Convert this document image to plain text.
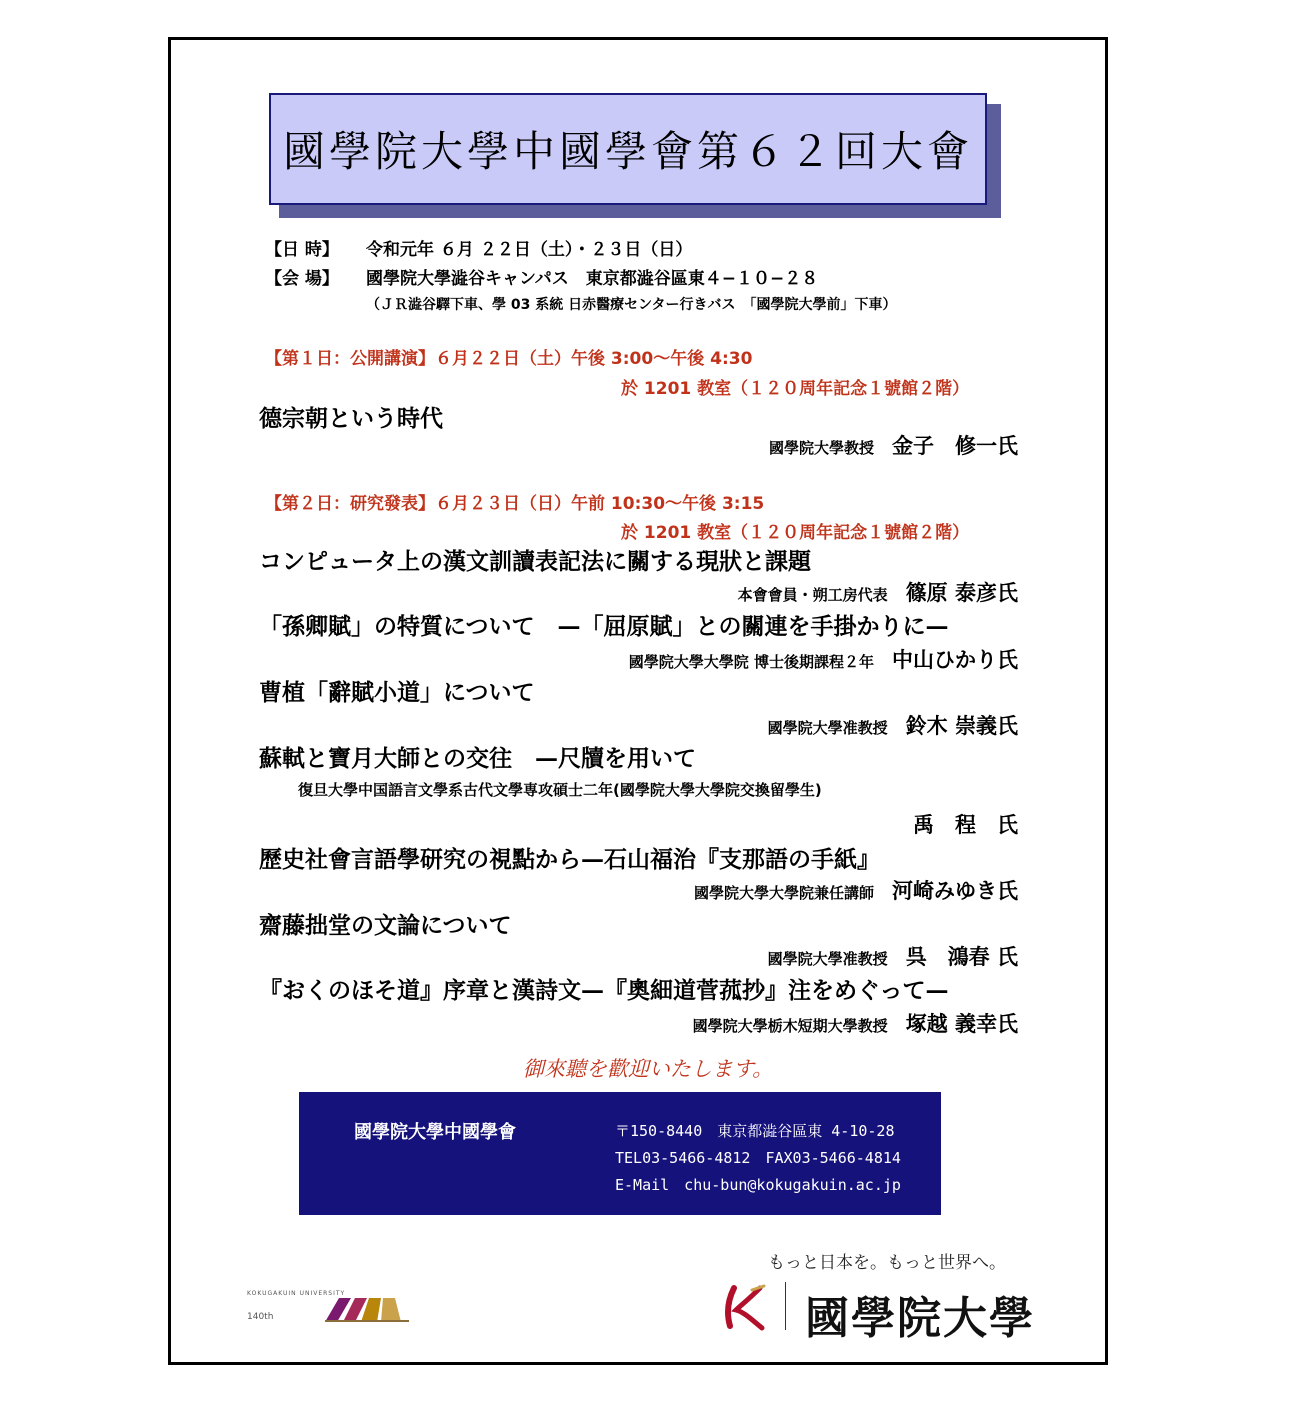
國學院大學中國學會第６２回大會
【日 時】 令和元年 ６月 ２２日（土）・２３日（日）
【会 場】 國學院大學澁谷キャンパス　東京都澁谷區東４−１０−２８
（ＪＲ澁谷驛下車、學 03 系統 日赤醫療センター行きバス　「國學院大學前」下車）
【第１日：公開講演】６月２２日（土）午後 3:00～午後 4:30
於 1201 教室（１２０周年記念１號館２階）
德宗朝という時代
國學院大學教授 金子　修一氏
【第２日：研究發表】６月２３日（日）午前 10:30～午後 3:15
於 1201 教室（１２０周年記念１號館２階）
コンピュータ上の漢文訓讀表記法に關する現狀と課題
本會會員・朔工房代表 篠原 泰彦氏
「孫卿賦」の特質について　—「屈原賦」との關連を手掛かりに—
國學院大學大學院 博士後期課程２年 中山ひかり氏
曹植「辭賦小道」について
國學院大學准教授 鈴木 崇義氏
蘇軾と寶月大師との交往　—尺牘を用いて
復旦大學中国語言文學系古代文學専攻碩士二年(國學院大學大學院交換留學生)
禹　程　氏
歷史社會言語學研究の視點から—石山福治『支那語の手紙』
國學院大學大學院兼任講師 河崎みゆき氏
齋藤拙堂の文論について
國學院大學准教授 呉　鴻春 氏
『おくのほそ道』序章と漢詩文—『奧細道菅菰抄』注をめぐって—
國學院大學栃木短期大學教授 塚越 義幸氏
御來聽を歡迎いたします。
國學院大學中國學會	〒150-8440　東京都澁谷區東 4-10-28
TEL03-5466-4812　FAX03-5466-4814
E-Mail　chu-bun@kokugakuin.ac.jp
KOKUGAKUIN UNIVERSITY
140th
もっと日本を。もっと世界へ。
國學院大學
